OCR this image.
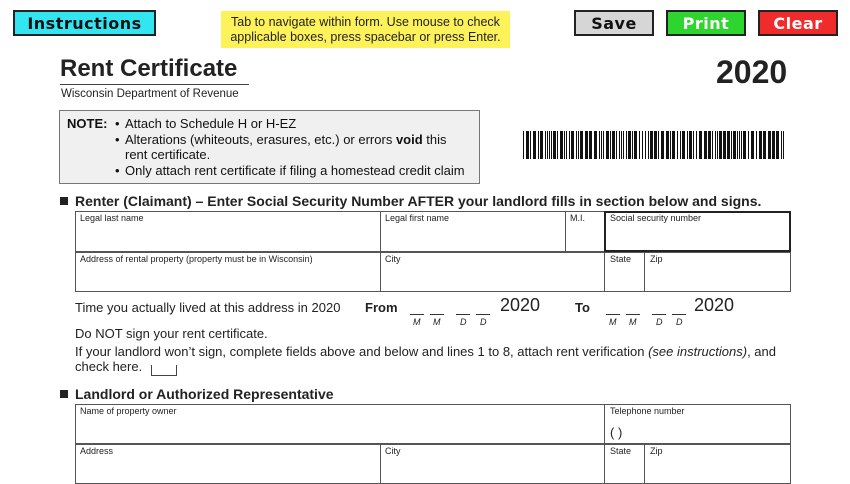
Instructions	Tab to navigate within form. Use mouse to check applicable boxes, press spacebar or press Enter.
Save	Print	Clear
Rent Certificate
Wisconsin Department of Revenue
2020
NOTE: • Attach to Schedule H or H-EZ
• Alterations (whiteouts, erasures, etc.) or errors void this rent certificate.
• Only attach rent certificate if filing a homestead credit claim
Renter (Claimant) – Enter Social Security Number AFTER your landlord fills in section below and signs.
Legal last name	Legal first name	M.I.	Social security number
Address of rental property (property must be in Wisconsin)	City	State Zip
Time you actually lived at this address in 2020 From
M M D D
2020	To
M M D D
2020
Do NOT sign your rent certificate.
If your landlord won’t sign, complete fields above and below and lines 1 to 8, attach rent verification (see instructions), and
check here.
Landlord or Authorized Representative
Name of property owner	Telephone number
( )
Address	City	State Zip
